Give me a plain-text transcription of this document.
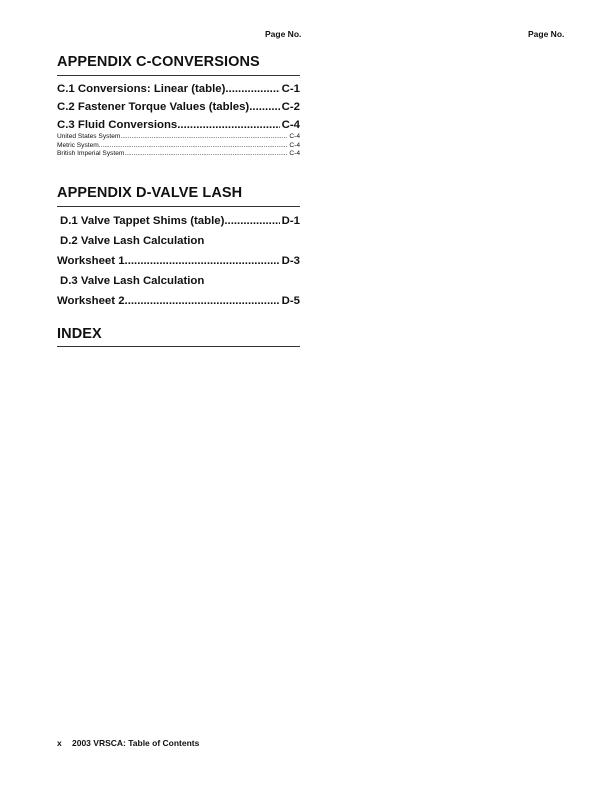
Page No.	Page No.
APPENDIX C-CONVERSIONS
C.1 Conversions: Linear (table) .....	C-1
C.2 Fastener Torque Values (tables) .....	C-2
C.3 Fluid Conversions .....	C-4
United States System .....	C-4
Metric System .....	C-4
British Imperial System .....	C-4
APPENDIX D-VALVE LASH
D.1 Valve Tappet Shims (table) .....	D-1
D.2 Valve Lash Calculation
Worksheet 1 .....	D-3
D.3 Valve Lash Calculation
Worksheet 2 .....	D-5
INDEX
x 2003 VRSCA: Table of Contents
